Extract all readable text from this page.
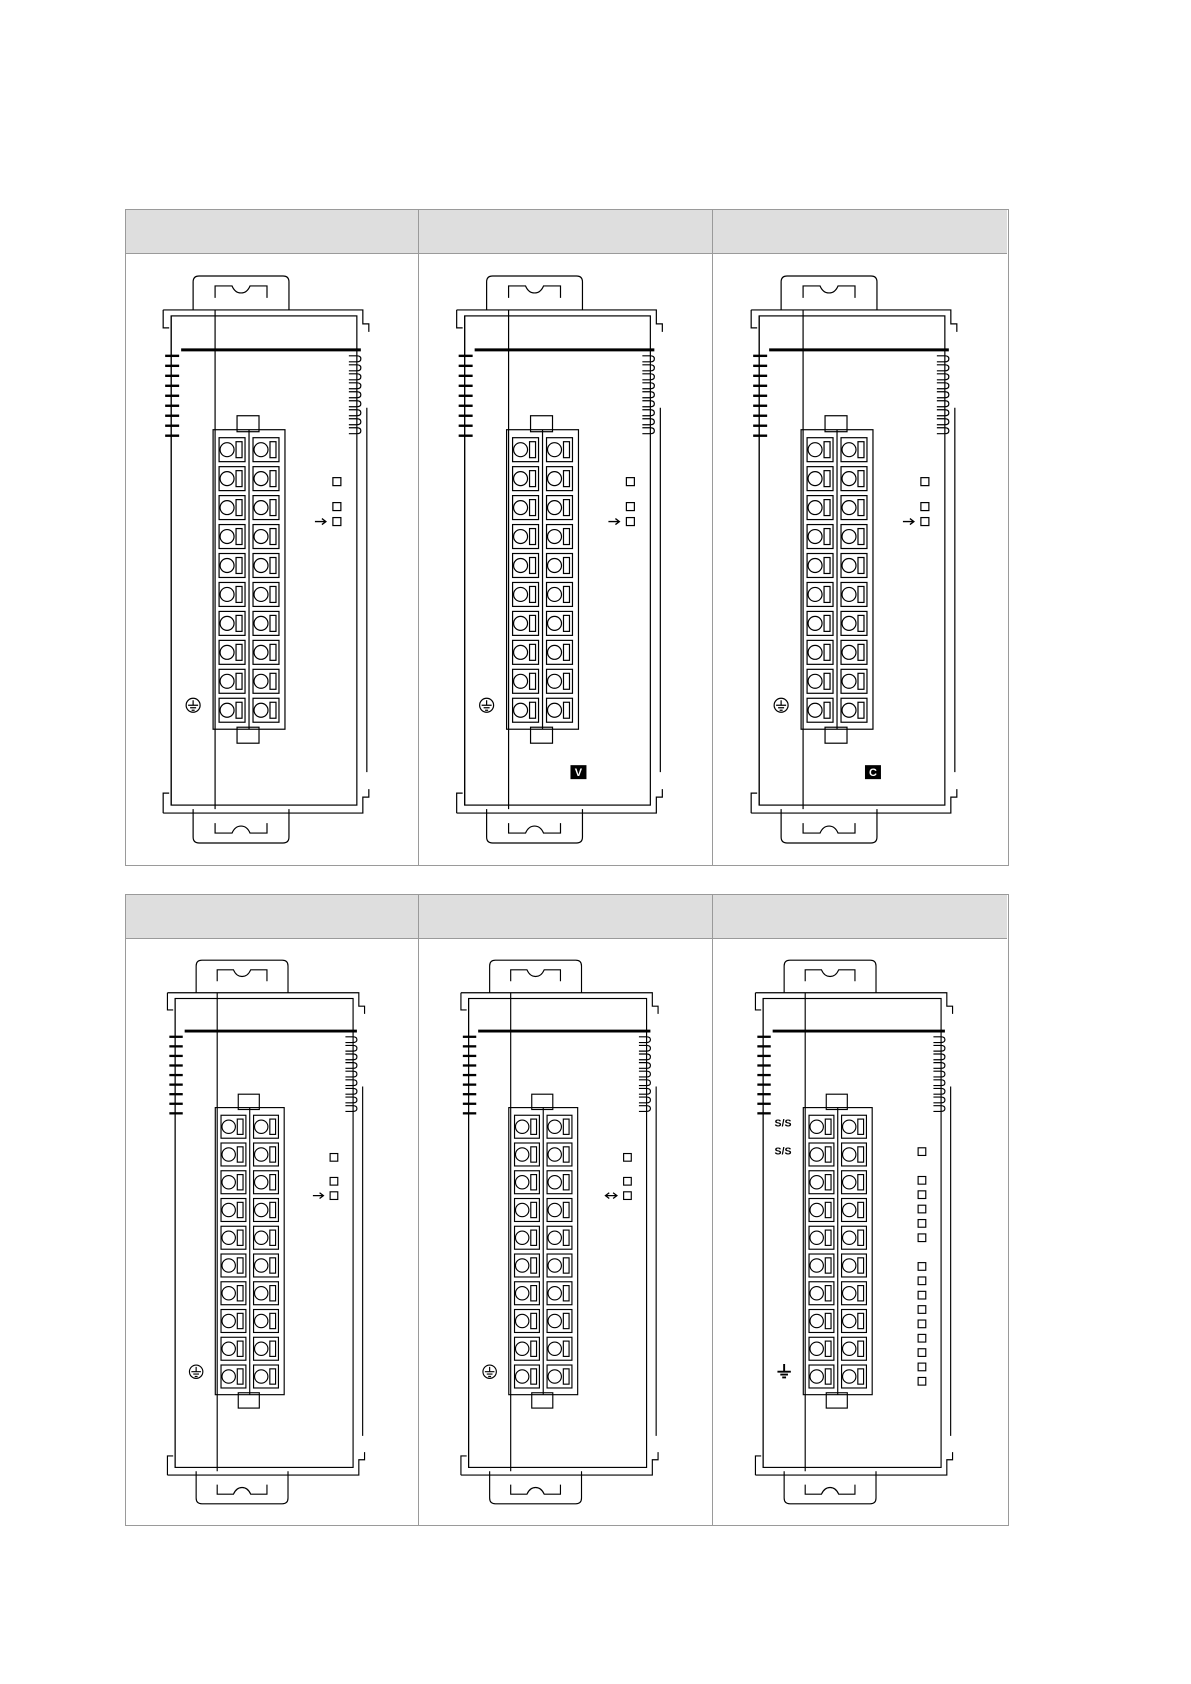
V	C
S/S
S/S
